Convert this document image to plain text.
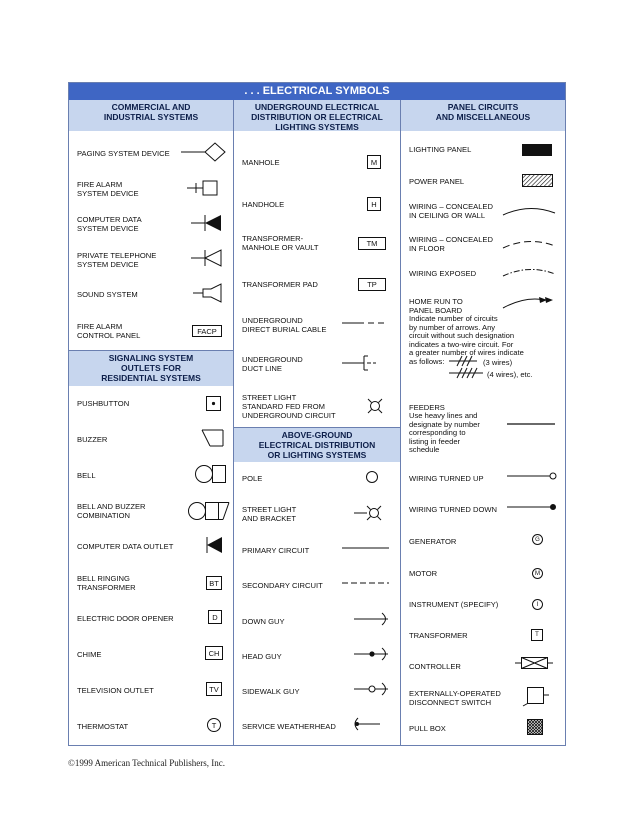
. . . ELECTRICAL SYMBOLS
COMMERCIAL AND
INDUSTRIAL SYSTEMS
PAGING SYSTEM DEVICE
FIRE ALARM
SYSTEM DEVICE
COMPUTER DATA
SYSTEM DEVICE
PRIVATE TELEPHONE
SYSTEM DEVICE
SOUND SYSTEM
FIRE ALARM
CONTROL PANEL	FACP
SIGNALING SYSTEM
OUTLETS FOR
RESIDENTIAL SYSTEMS
PUSHBUTTON
BUZZER
BELL
BELL AND BUZZER
COMBINATION
COMPUTER DATA OUTLET
BELL RINGING
TRANSFORMER	BT
ELECTRIC DOOR OPENER	D
CHIME	CH
TELEVISION OUTLET	TV
THERMOSTAT	T
UNDERGROUND ELECTRICAL
DISTRIBUTION OR ELECTRICAL
LIGHTING SYSTEMS
MANHOLE	M
HANDHOLE	H
TRANSFORMER-
MANHOLE OR VAULT	TM
TRANSFORMER PAD	TP
UNDERGROUND
DIRECT BURIAL CABLE
UNDERGROUND
DUCT LINE
STREET LIGHT
STANDARD FED FROM
UNDERGROUND CIRCUIT
ABOVE-GROUND
ELECTRICAL DISTRIBUTION
OR LIGHTING SYSTEMS
POLE
STREET LIGHT
AND BRACKET
PRIMARY CIRCUIT
SECONDARY CIRCUIT
DOWN GUY
HEAD GUY
SIDEWALK GUY
SERVICE WEATHERHEAD
PANEL CIRCUITS
AND MISCELLANEOUS
LIGHTING PANEL
POWER PANEL
WIRING – CONCEALED
IN CEILING OR WALL
WIRING – CONCEALED
IN FLOOR
WIRING EXPOSED
HOME RUN TO
PANEL BOARD
Indicate number of circuits
by number of arrows. Any
circuit without such designation
indicates a two-wire circuit. For
a greater number of wires indicate
as follows:	(3 wires)
(4 wires), etc.
FEEDERS
Use heavy lines and
designate by number
corresponding to
listing in feeder
schedule
WIRING TURNED UP
WIRING TURNED DOWN
GENERATOR	G
MOTOR	M
INSTRUMENT (SPECIFY)	I
TRANSFORMER	T
CONTROLLER
EXTERNALLY-OPERATED
DISCONNECT SWITCH
PULL BOX
©1999 American Technical Publishers, Inc.
